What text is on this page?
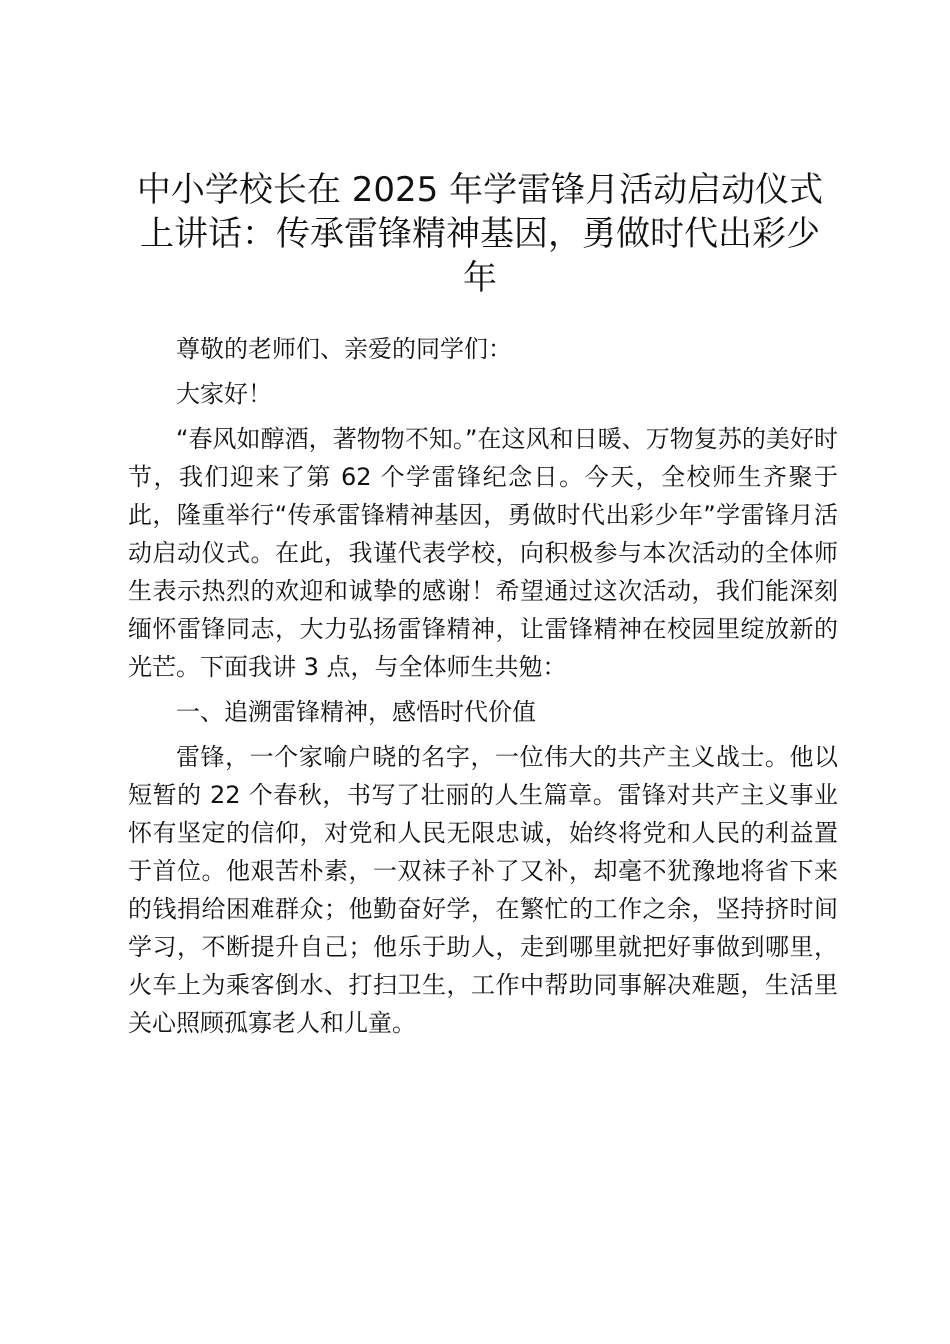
中小学校长在 2025 年学雷锋月活动启动仪式
上讲话：传承雷锋精神基因，勇做时代出彩少
年

尊敬的老师们、亲爱的同学们：

大家好！

“春风如醇酒，著物物不知。”在这风和日暖、万物复苏的美好时节，我们迎来了第 62 个学雷锋纪念日。今天，全校师生齐聚于此，隆重举行“传承雷锋精神基因，勇做时代出彩少年”学雷锋月活动启动仪式。在此，我谨代表学校，向积极参与本次活动的全体师生表示热烈的欢迎和诚挚的感谢！希望通过这次活动，我们能深刻缅怀雷锋同志，大力弘扬雷锋精神，让雷锋精神在校园里绽放新的光芒。下面我讲 3 点，与全体师生共勉：

一、追溯雷锋精神，感悟时代价值

雷锋，一个家喻户晓的名字，一位伟大的共产主义战士。他以短暂的 22 个春秋，书写了壮丽的人生篇章。雷锋对共产主义事业怀有坚定的信仰，对党和人民无限忠诚，始终将党和人民的利益置于首位。他艰苦朴素，一双袜子补了又补，却毫不犹豫地将省下来的钱捐给困难群众；他勤奋好学，在繁忙的工作之余，坚持挤时间学习，不断提升自己；他乐于助人，走到哪里就把好事做到哪里，火车上为乘客倒水、打扫卫生，工作中帮助同事解决难题，生活里关心照顾孤寡老人和儿童。
